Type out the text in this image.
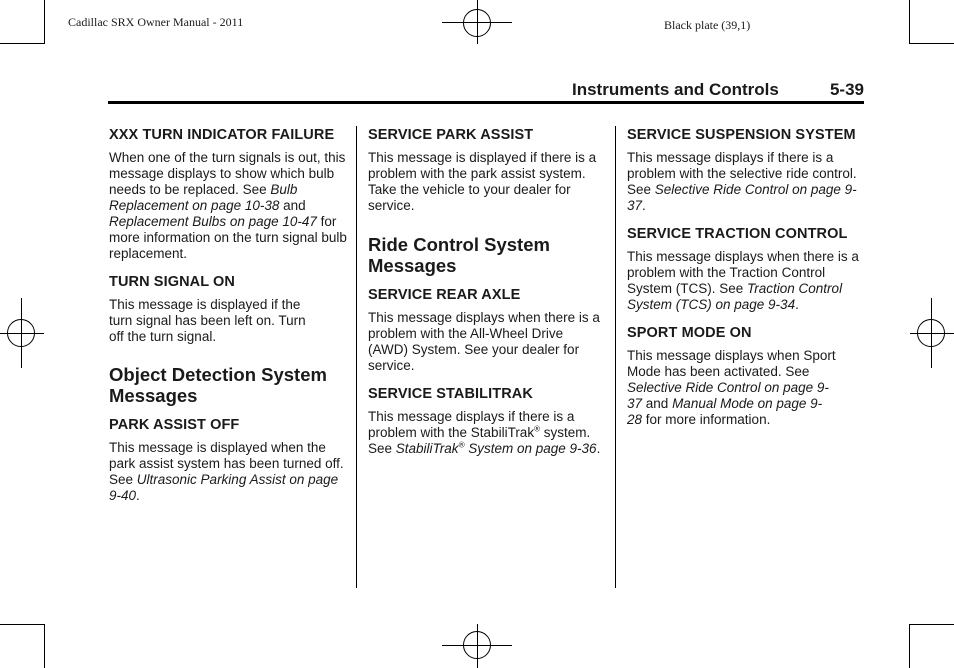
Cadillac SRX Owner Manual - 2011	Black plate (39,1)
Instruments and Controls	5-39
XXX TURN INDICATOR FAILURE

When one of the turn signals is out, this message displays to show which bulb needs to be replaced. See Bulb Replacement on page 10-38 and Replacement Bulbs on page 10-47 for more information on the turn signal bulb replacement.

TURN SIGNAL ON

This message is displayed if the turn signal has been left on. Turn off the turn signal.

Object Detection System Messages
PARK ASSIST OFF

This message is displayed when the park assist system has been turned off. See Ultrasonic Parking Assist on page 9-40.

SERVICE PARK ASSIST

This message is displayed if there is a problem with the park assist system. Take the vehicle to your dealer for service.

Ride Control System Messages
SERVICE REAR AXLE

This message displays when there is a problem with the All-Wheel Drive (AWD) System. See your dealer for service.

SERVICE STABILITRAK

This message displays if there is a problem with the StabiliTrak® system. See StabiliTrak® System on page 9-36.

SERVICE SUSPENSION SYSTEM

This message displays if there is a problem with the selective ride control. See Selective Ride Control on page 9-37.

SERVICE TRACTION CONTROL

This message displays when there is a problem with the Traction Control System (TCS). See Traction Control System (TCS) on page 9-34.

SPORT MODE ON

This message displays when Sport Mode has been activated. See Selective Ride Control on page 9-37 and Manual Mode on page 9-28 for more information.
